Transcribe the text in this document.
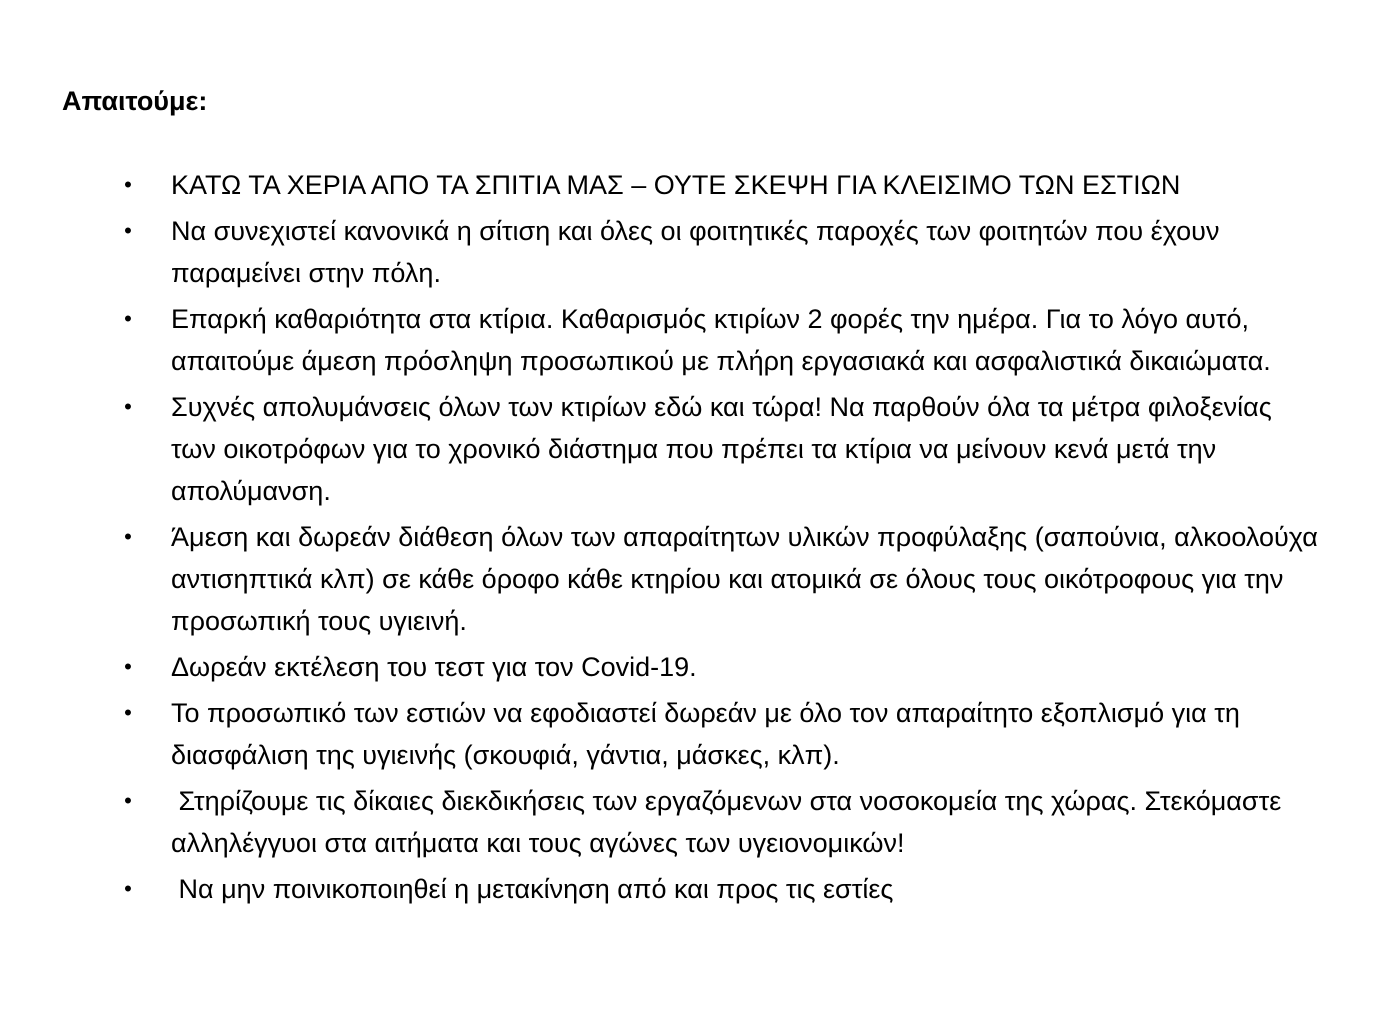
Απαιτούμε:
• ΚΑΤΩ ΤΑ ΧΕΡΙΑ ΑΠΟ ΤΑ ΣΠΙΤΙΑ ΜΑΣ – ΟΥΤΕ ΣΚΕΨΗ ΓΙΑ ΚΛΕΙΣΙΜΟ ΤΩΝ ΕΣΤΙΩΝ
• Να συνεχιστεί κανονικά η σίτιση και όλες οι φοιτητικές παροχές των φοιτητών που έχουν παραμείνει στην πόλη.
• Επαρκή καθαριότητα στα κτίρια. Καθαρισμός κτιρίων 2 φορές την ημέρα. Για το λόγο αυτό, απαιτούμε άμεση πρόσληψη προσωπικού με πλήρη εργασιακά και ασφαλιστικά δικαιώματα.
• Συχνές απολυμάνσεις όλων των κτιρίων εδώ και τώρα! Να παρθούν όλα τα μέτρα φιλοξενίας των οικοτρόφων για το χρονικό διάστημα που πρέπει τα κτίρια να μείνουν κενά μετά την απολύμανση.
• Άμεση και δωρεάν διάθεση όλων των απαραίτητων υλικών προφύλαξης (σαπούνια, αλκοολούχα αντισηπτικά κλπ) σε κάθε όροφο κάθε κτηρίου και ατομικά σε όλους τους οικότροφους για την προσωπική τους υγιεινή.
• Δωρεάν εκτέλεση του τεστ για τον Covid-19.
• Το προσωπικό των εστιών να εφοδιαστεί δωρεάν με όλο τον απαραίτητο εξοπλισμό για τη διασφάλιση της υγιεινής (σκουφιά, γάντια, μάσκες, κλπ).
• Στηρίζουμε τις δίκαιες διεκδικήσεις των εργαζόμενων στα νοσοκομεία της χώρας. Στεκόμαστε αλληλέγγυοι στα αιτήματα και τους αγώνες των υγειονομικών!
• Να μην ποινικοποιηθεί η μετακίνηση από και προς τις εστίες
